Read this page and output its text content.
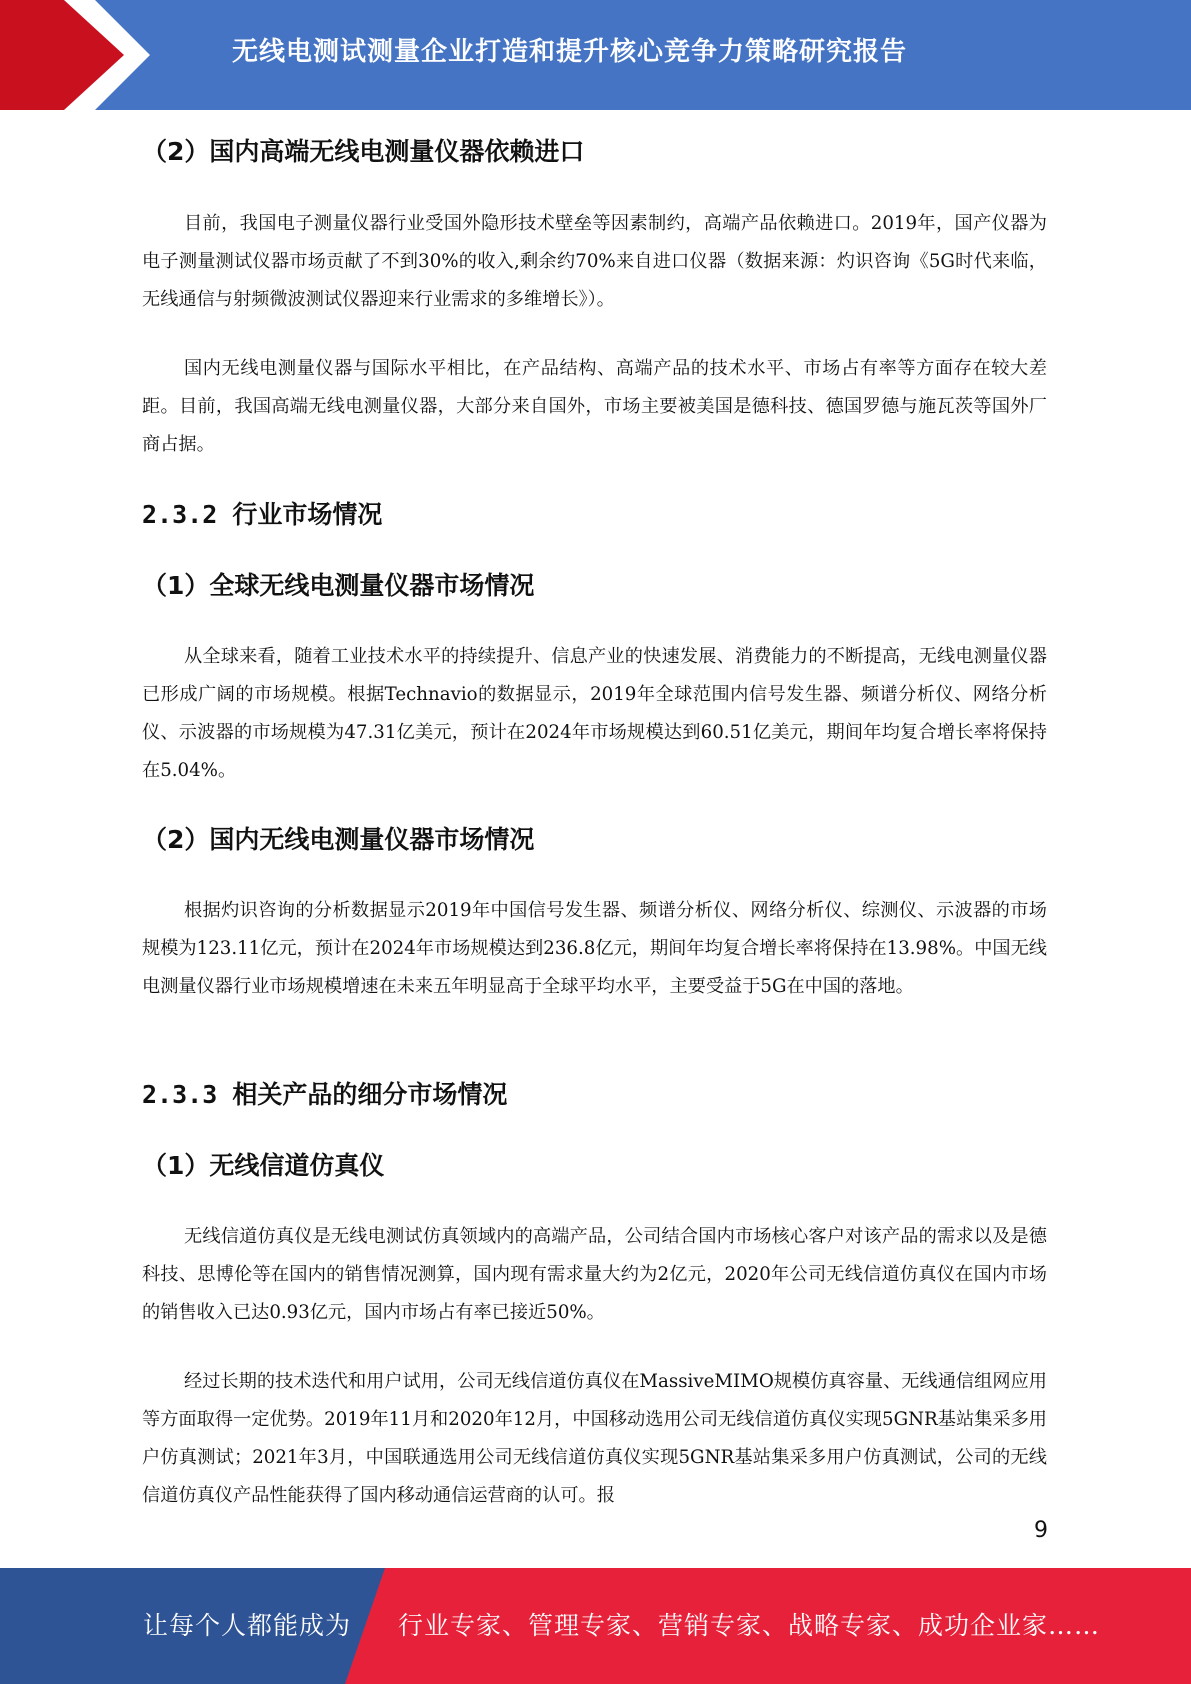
无线电测试测量企业打造和提升核心竞争力策略研究报告
（2）国内高端无线电测量仪器依赖进口
目前，我国电子测量仪器行业受国外隐形技术壁垒等因素制约，高端产品依赖进口。2019年，国产仪器为电子测量测试仪器市场贡献了不到30%的收入,剩余约70%来自进口仪器（数据来源：灼识咨询《5G时代来临，无线通信与射频微波测试仪器迎来行业需求的多维增长》）。
国内无线电测量仪器与国际水平相比，在产品结构、高端产品的技术水平、市场占有率等方面存在较大差距。目前，我国高端无线电测量仪器，大部分来自国外，市场主要被美国是德科技、德国罗德与施瓦茨等国外厂商占据。
2.3.2 行业市场情况
（1）全球无线电测量仪器市场情况
从全球来看，随着工业技术水平的持续提升、信息产业的快速发展、消费能力的不断提高，无线电测量仪器已形成广阔的市场规模。根据Technavio的数据显示，2019年全球范围内信号发生器、频谱分析仪、网络分析仪、示波器的市场规模为47.31亿美元，预计在2024年市场规模达到60.51亿美元，期间年均复合增长率将保持在5.04%。
（2）国内无线电测量仪器市场情况
根据灼识咨询的分析数据显示2019年中国信号发生器、频谱分析仪、网络分析仪、综测仪、示波器的市场规模为123.11亿元，预计在2024年市场规模达到236.8亿元，期间年均复合增长率将保持在13.98%。中国无线电测量仪器行业市场规模增速在未来五年明显高于全球平均水平，主要受益于5G在中国的落地。
2.3.3 相关产品的细分市场情况
（1）无线信道仿真仪
无线信道仿真仪是无线电测试仿真领域内的高端产品，公司结合国内市场核心客户对该产品的需求以及是德科技、思博伦等在国内的销售情况测算，国内现有需求量大约为2亿元，2020年公司无线信道仿真仪在国内市场的销售收入已达0.93亿元，国内市场占有率已接近50%。
经过长期的技术迭代和用户试用，公司无线信道仿真仪在MassiveMIMO规模仿真容量、无线通信组网应用等方面取得一定优势。2019年11月和2020年12月，中国移动选用公司无线信道仿真仪实现5GNR基站集采多用户仿真测试；2021年3月，中国联通选用公司无线信道仿真仪实现5GNR基站集采多用户仿真测试，公司的无线信道仿真仪产品性能获得了国内移动通信运营商的认可。报
9
让每个人都能成为 行业专家、管理专家、营销专家、战略专家、成功企业家……
